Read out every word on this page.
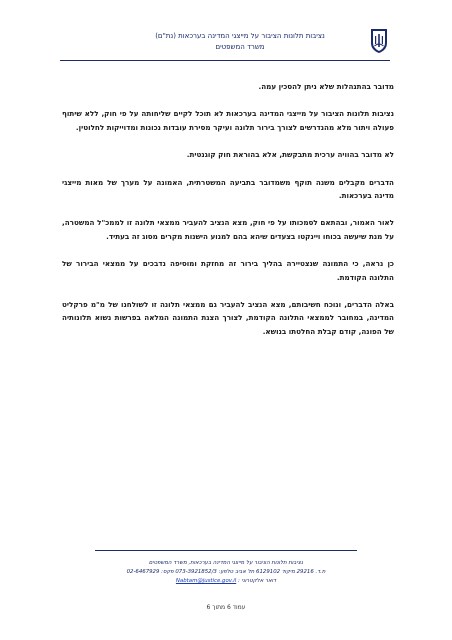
נציבות תלונות הציבור על מייצגי המדינה בערכאות (נת"ם)
משרד המשפטים

מדובר בהתנהלות שלא ניתן להסכין עמה.

נציבות תלונות הציבור על מייצגי המדינה בערכאות לא תוכל לקיים שליחותה על פי חוק, ללא שיתוף פעולה ויתור מלא מהנדרשים לצורך בירור תלונה ועיקר מסירת עובדות נכונות ומדוייקות לחלוטין.

לא מדובר בהוויה ערכית מתבקשת, אלא בהוראת חוק קוגנטית.

הדברים מקבלים משנה תוקף משמדובר בתביעה המשטרתית, האמונה על מערך של מאות מייצגי מדינה בערכאות.

לאור האמור, ובהתאם לסמכותו על פי חוק, מצא הנציב להעביר ממצאי תלונה זו לממכ"ל המשטרה, על מנת שיעשה בכוחו ויינקטו בצעדים שיהא בהם למנוע הישנות מקרים מסוג זה בעתיד.

כן נראה, כי התמונה שנצטיירה בהליך בירור זה מחזקת ומוסיפה נדבכים על ממצאי הבירור של התלונה הקודמת.

באלה הדברים, ונוכח חשיבותם, מצא הנציב להעביר גם ממצאי תלונה זו לשולחנו של מ"מ פרקליט המדינה, במחובר לממצאי התלונה הקודמת, לצורך הצגת התמונה המלאה בפרשות נשוא תלונותיה של הפונה, קודם קבלת החלטתו בנושא.

נציבות תלונות הציבור על מייצגי המדינה בערכאות, משרד המשפטים
ת.ד. 29216 מיקוד 6129102 תל אביב טלפון: 073-3921852/3 פקס: 02-6467929
דואר אלקטרוני : Nabtam@justice.gov.il
עמוד 6 מתוך 6
